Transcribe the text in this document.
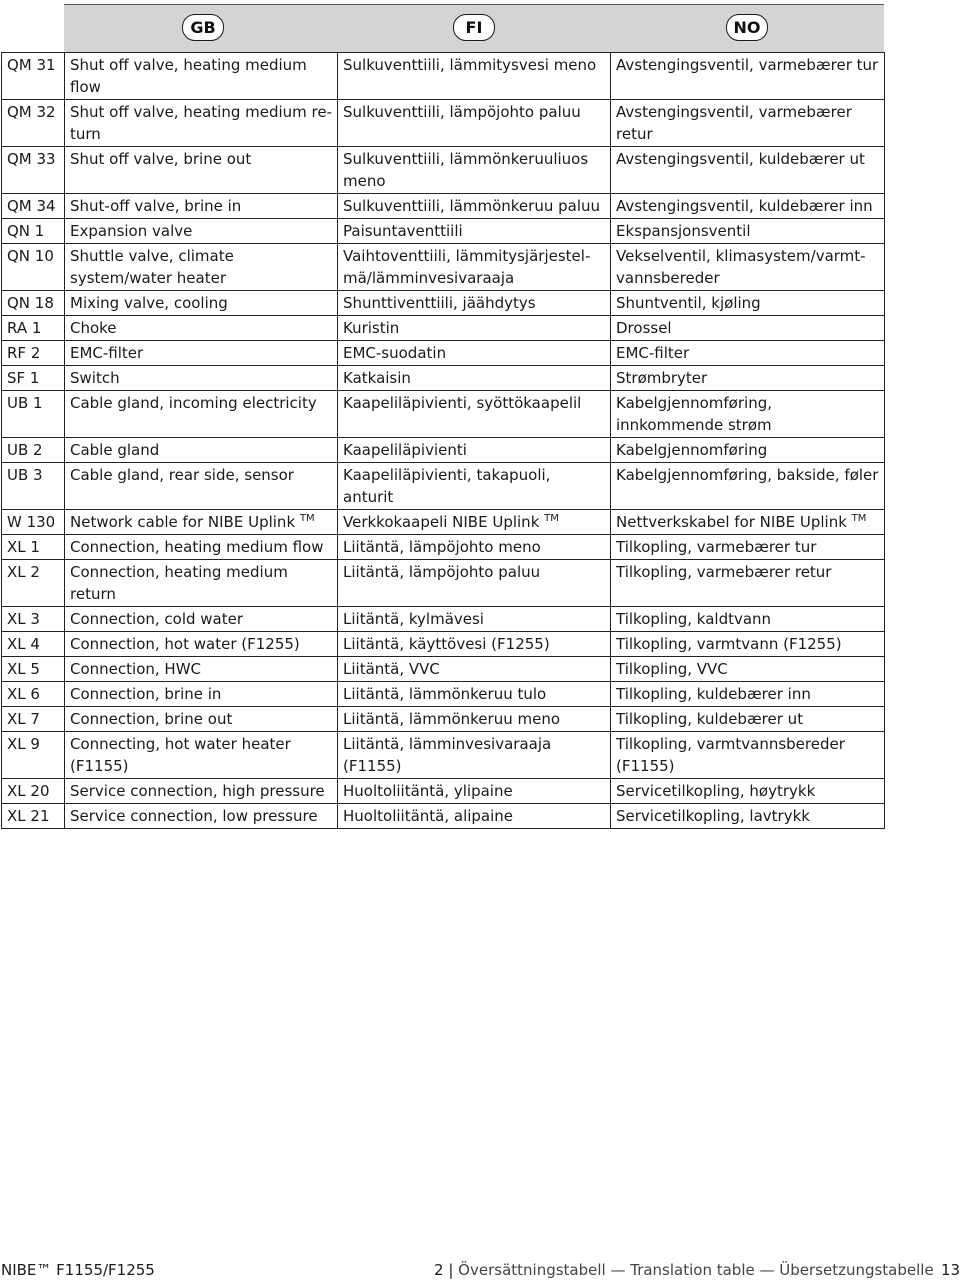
GB	FI	NO
QM 31	Shut off valve, heating medium flow	Sulkuventtiili, lämmitysvesi meno	Avstengingsventil, varmebærer tur
QM 32	Shut off valve, heating medium re- turn	Sulkuventtiili, lämpöjohto paluu	Avstengingsventil, varmebærer retur
QM 33	Shut off valve, brine out	Sulkuventtiili, lämmönkeruuliuos meno	Avstengingsventil, kuldebærer ut
QM 34	Shut-off valve, brine in	Sulkuventtiili, lämmönkeruu paluu	Avstengingsventil, kuldebærer inn
QN 1	Expansion valve	Paisuntaventtiili	Ekspansjonsventil
QN 10	Shuttle valve, climate system/water heater	Vaihtoventtiili, lämmitysjärjestel- mä/lämminvesivaraaja	Vekselventil, klimasystem/varmt- vannsbereder
QN 18	Mixing valve, cooling	Shunttiventtiili, jäähdytys	Shuntventil, kjøling
RA 1	Choke	Kuristin	Drossel
RF 2	EMC-filter	EMC-suodatin	EMC-filter
SF 1	Switch	Katkaisin	Strømbryter
UB 1	Cable gland, incoming electricity	Kaapeliläpivienti, syöttökaapelil	Kabelgjennomføring, innkommende strøm
UB 2	Cable gland	Kaapeliläpivienti	Kabelgjennomføring
UB 3	Cable gland, rear side, sensor	Kaapeliläpivienti, takapuoli, anturit	Kabelgjennomføring, bakside, føler
W 130	Network cable for NIBE Uplink ™	Verkkokaapeli NIBE Uplink ™	Nettverkskabel for NIBE Uplink ™
XL 1	Connection, heating medium flow	Liitäntä, lämpöjohto meno	Tilkopling, varmebærer tur
XL 2	Connection, heating medium return	Liitäntä, lämpöjohto paluu	Tilkopling, varmebærer retur
XL 3	Connection, cold water	Liitäntä, kylmävesi	Tilkopling, kaldtvann
XL 4	Connection, hot water (F1255)	Liitäntä, käyttövesi (F1255)	Tilkopling, varmtvann (F1255)
XL 5	Connection, HWC	Liitäntä, VVC	Tilkopling, VVC
XL 6	Connection, brine in	Liitäntä, lämmönkeruu tulo	Tilkopling, kuldebærer inn
XL 7	Connection, brine out	Liitäntä, lämmönkeruu meno	Tilkopling, kuldebærer ut
XL 9	Connecting, hot water heater (F1155)	Liitäntä, lämminvesivaraaja (F1155)	Tilkopling, varmtvannsbereder (F1155)
XL 20	Service connection, high pressure	Huoltoliitäntä, ylipaine	Servicetilkopling, høytrykk
XL 21	Service connection, low pressure	Huoltoliitäntä, alipaine	Servicetilkopling, lavtrykk
NIBE™ F1155/F1255	2 | Översättningstabell — Translation table — Übersetzungstabelle 13
